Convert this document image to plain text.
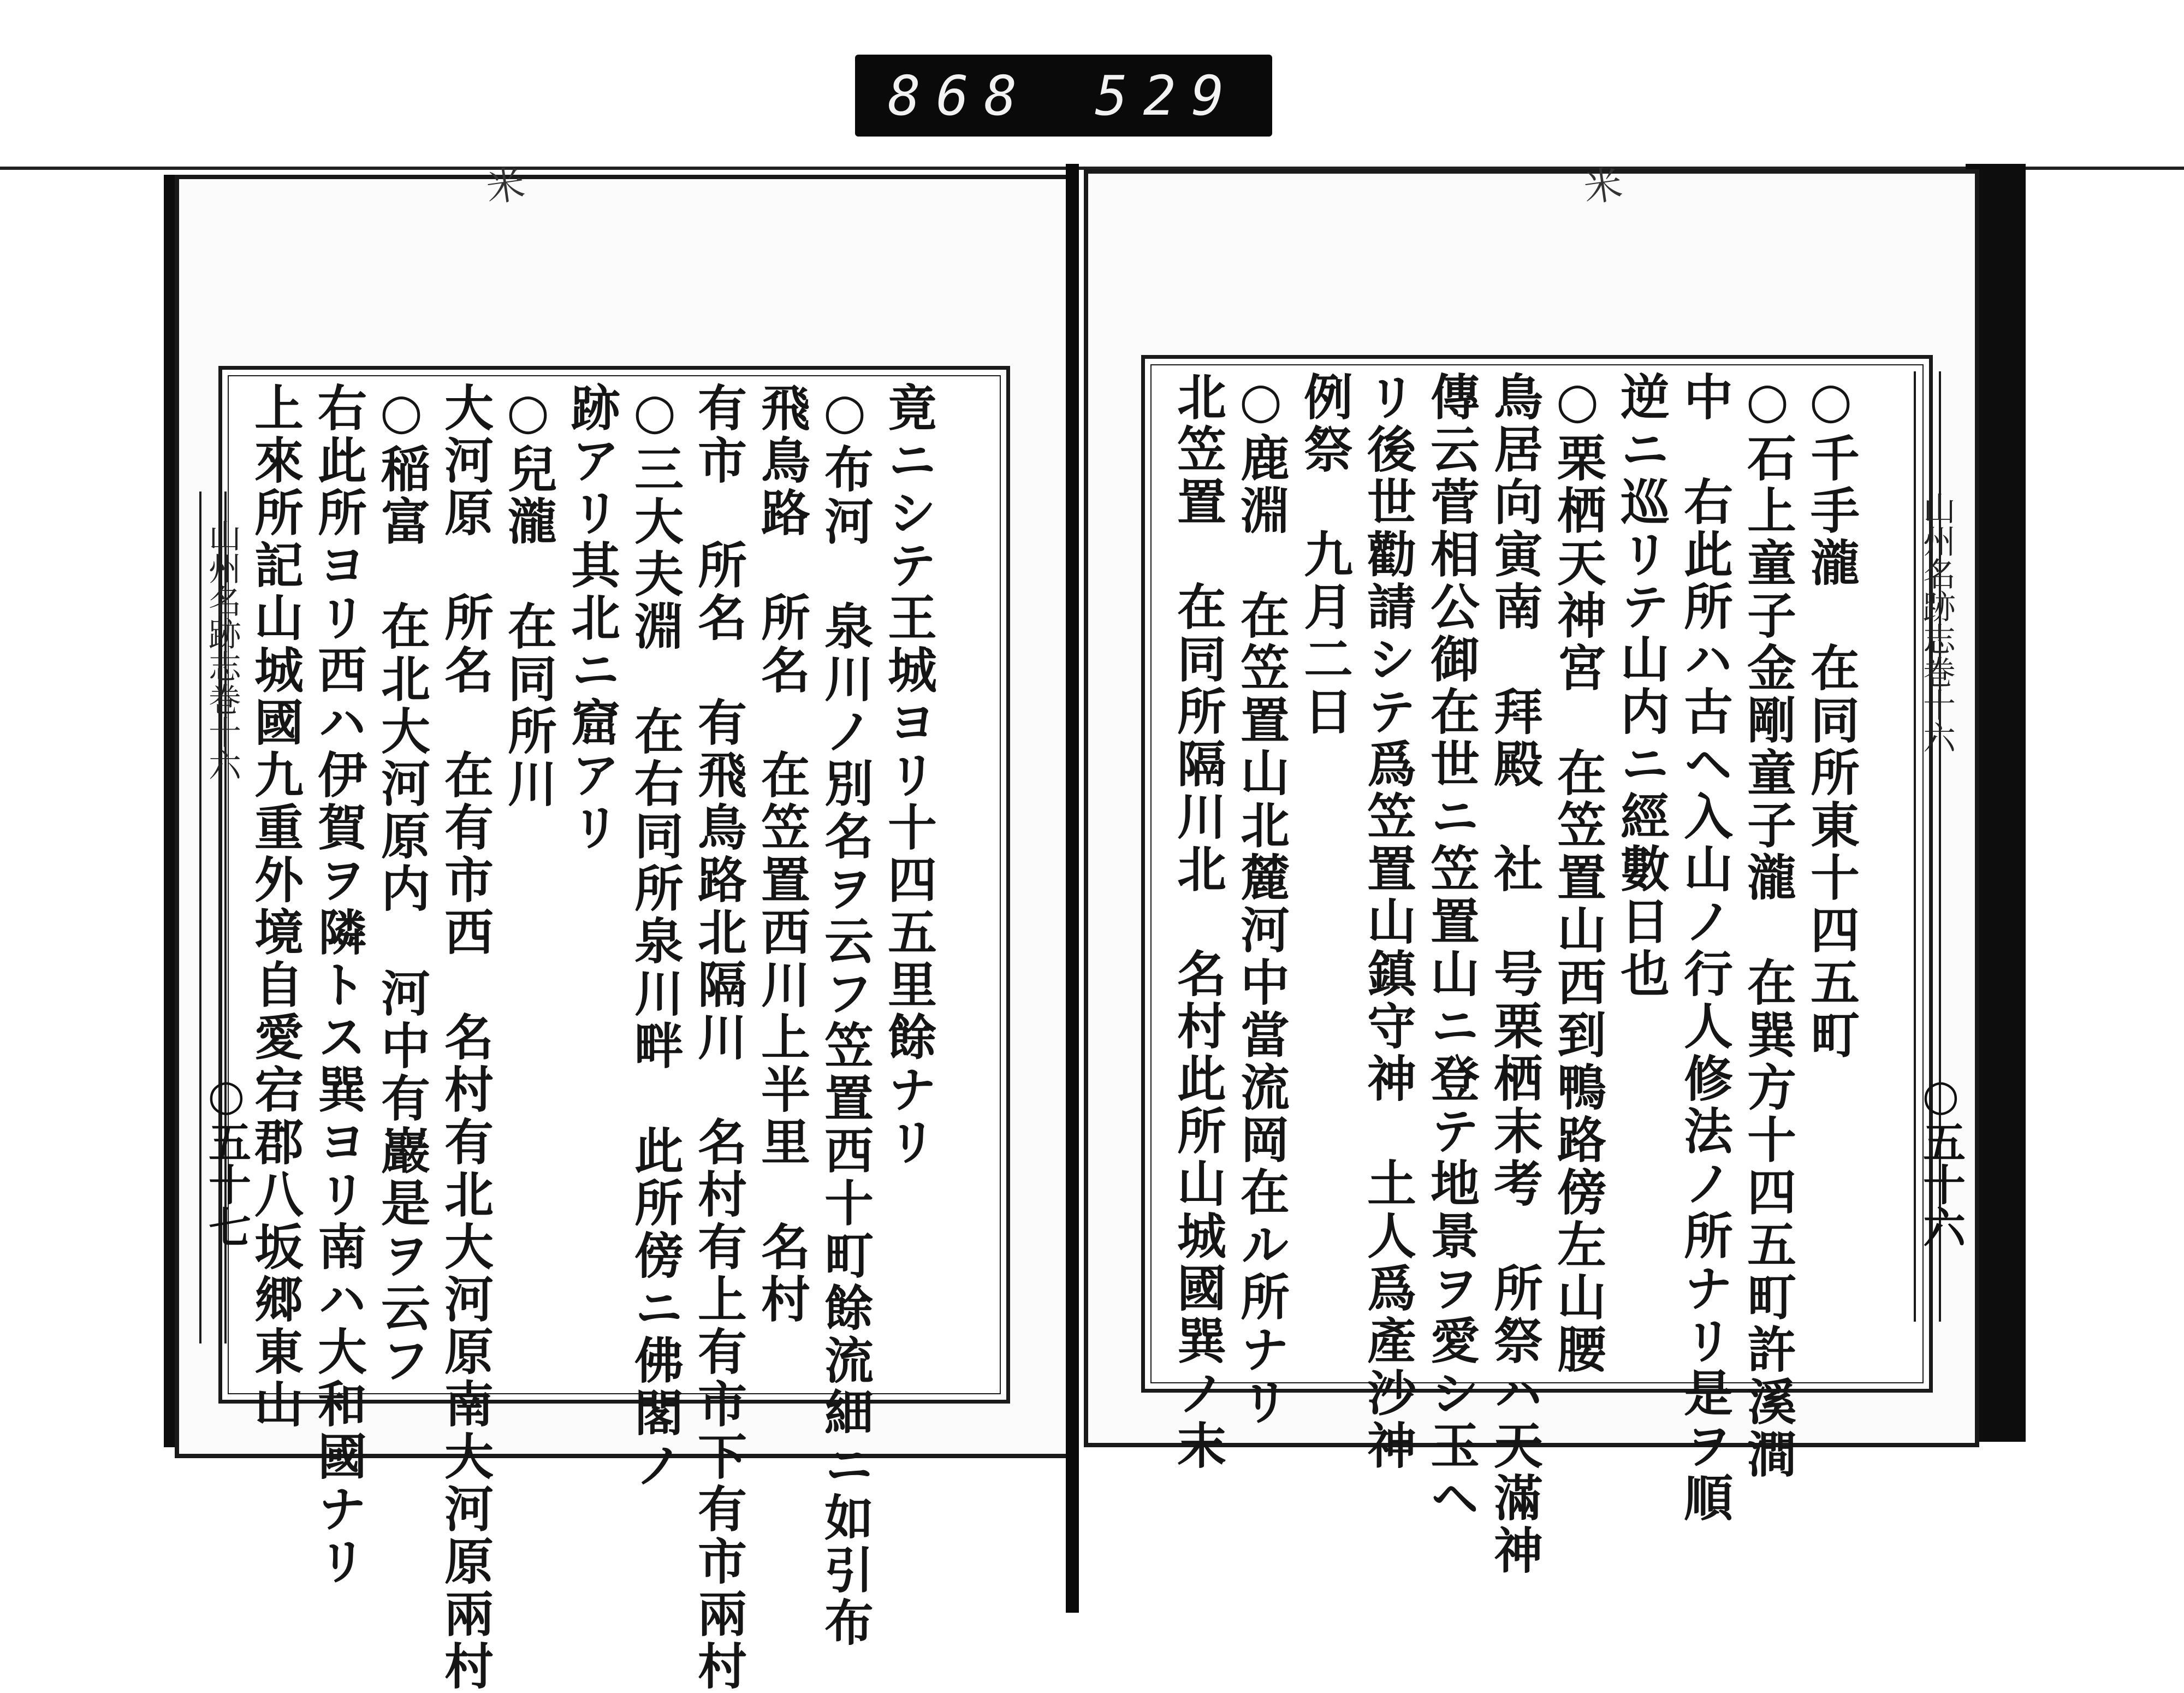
868 529
⽶	⽶
山州名跡志巻十六
○五十六

○千手瀧　在同所東十四五町

○石上童子金剛童子瀧　在巽方十四五町許溪澗

中　右此所ハ古ヘ入山ノ行人修法ノ所ナリ是ヲ順

逆ニ巡リテ山内ニ經數日也

○栗栖天神宮　在笠置山西到鴨路傍左山腰

鳥居向寅南　拜殿　社　号栗栖末考　所祭ハ天滿神

傳云菅相公御在世ニ笠置山ニ登テ地景ヲ愛シ玉ヘ

リ後世勸請シテ爲笠置山鎮守神　土人爲產沙神

例祭　九月二日

○鹿淵　在笠置山北麓河中當流岡在ル所ナリ

北笠置　在同所隔川北　名村此所山城國巽ノ末

山州名跡志巻十六
○五十七	竟ニシテ王城ヨリ十四五里餘ナリ

○布河　泉川ノ別名ヲ云フ笠置西十町餘流細ニ如引布

飛鳥路　所名　在笠置西川上半里　名村

有市　所名　有飛鳥路北隔川　名村有上有市下有市兩村

○三大夫淵　在右同所泉川畔　此所傍ニ佛閣ノ

跡アリ其北ニ窟アリ

○兒瀧　在同所川

大河原　所名　在有市西　名村有北大河原南大河原兩村

○稲富　在北大河原内　河中有巖是ヲ云フ

右此所ヨリ西ハ伊賀ヲ隣トス巽ヨリ南ハ大和國ナリ

上來所記山城國九重外境自愛宕郡八坂郷東山
